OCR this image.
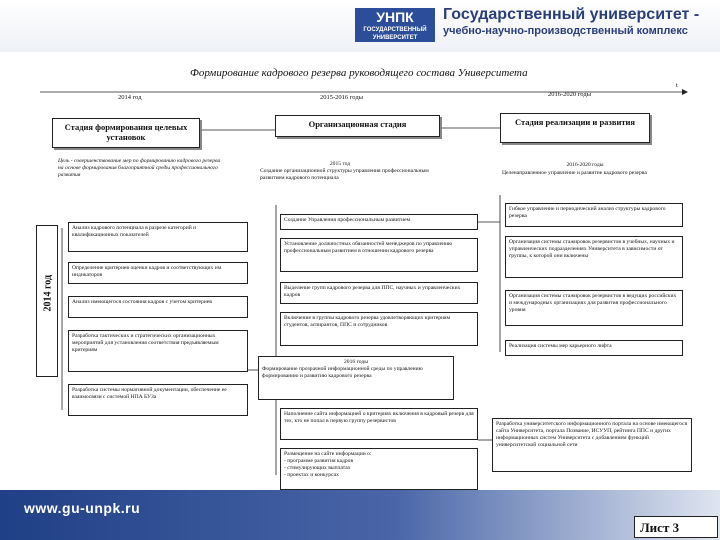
УНПК
ГОСУДАРСТВЕННЫЙ УНИВЕРСИТЕТ
Государственный университет -
учебно-научно-производственный комплекс
Формирование кадрового резерва руководящего состава Университета
t
2014 год	2015-2016 годы	2016-2020 годы
Стадия формирования целевых установок
Организационная стадия	Стадия реализации и развития
2014 год
Цель - совершенствование мер по формированию кадрового резерва на основе формирования благоприятной среды профессионального развития
Анализ кадрового потенциала в разрезе категорий и квалификационных показателей
Определение критериев оценки кадров и соответствующих им индикаторов
Анализ имеющегося состояния кадров с учетом критериев
Разработка тактических и стратегических организационных мероприятий для установления соответствия предъявляемым критериям
Разработка системы нормативной документации, обеспечение ее взаимосвязи с системой НПА БУЗа
2015 год
Создание организационной структуры управления профессиональным развитием кадрового потенциала
Создание Управления профессиональным развитием
Установление должностных обязанностей менеджеров по управлению профессиональным развитием в отношении кадрового резерва
Выделение групп кадрового резерва для ППС, научных и управленческих кадров
Включение в группы кадрового резерва удовлетворяющих критериям студентов, аспирантов, ППС и сотрудников
2016 годы
Формирование прозрачной информационной среды по управлению формированию и развитию кадрового резерва
Наполнение сайта информацией о критериях включения в кадровый резерв для тех, кто не попал в первую группу резервистов
Размещение на сайте информации о:
- программе развития кадров
- стимулирующих выплатах
- проектах и конкурсах
2016-2020 годы
Целенаправленное управление и развитие кадрового резерва
Гибкое управление и периодический анализ структуры кадрового резерва
Организация системы стажировок резервистов в учебных, научных и управленческих подразделениях Университета в зависимости от группы, к которой они включены
Организация системы стажировок резервистов в ведущих российских и международных организациях для развития профессионального уровня
Реализация системы мер карьерного лифта
Разработка университетского информационного портала на основе имеющегося сайта Университета, портала Позвание, ИСУУП, рейтинга ППС и других информационных систем Университета с добавлением функций университетской социальной сети
www.gu-unpk.ru
Лист 3
